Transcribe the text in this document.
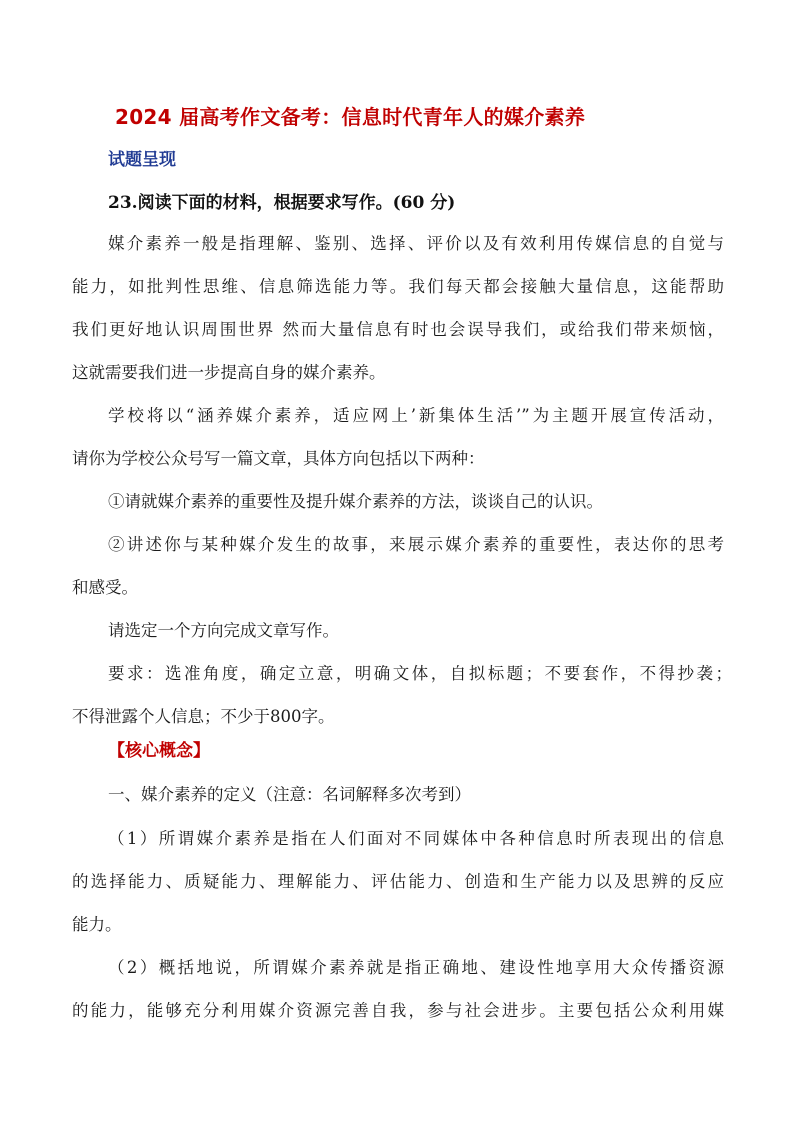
2024 届高考作文备考：信息时代青年人的媒介素养
试题呈现
23.阅读下面的材料，根据要求写作。(60 分)
媒介素养一般是指理解、鉴别、选择、评价以及有效利用传媒信息的自觉与
能力，如批判性思维、信息筛选能力等。我们每天都会接触大量信息，这能帮助
我们更好地认识周围世界 然而大量信息有时也会误导我们，或给我们带来烦恼，
这就需要我们进一步提高自身的媒介素养。
学校将以“涵养媒介素养，适应网上’新集体生活’”为主题开展宣传活动，
请你为学校公众号写一篇文章，具体方向包括以下两种：
①请就媒介素养的重要性及提升媒介素养的方法，谈谈自己的认识。
②讲述你与某种媒介发生的故事，来展示媒介素养的重要性，表达你的思考
和感受。
请选定一个方向完成文章写作。
要求：选准角度，确定立意，明确文体，自拟标题；不要套作，不得抄袭；
不得泄露个人信息；不少于800字。
【核心概念】
一、媒介素养的定义（注意：名词解释多次考到）
（1）所谓媒介素养是指在人们面对不同媒体中各种信息时所表现出的信息
的选择能力、质疑能力、理解能力、评估能力、创造和生产能力以及思辨的反应
能力。
（2）概括地说，所谓媒介素养就是指正确地、建设性地享用大众传播资源
的能力，能够充分利用媒介资源完善自我，参与社会进步。主要包括公众利用媒
